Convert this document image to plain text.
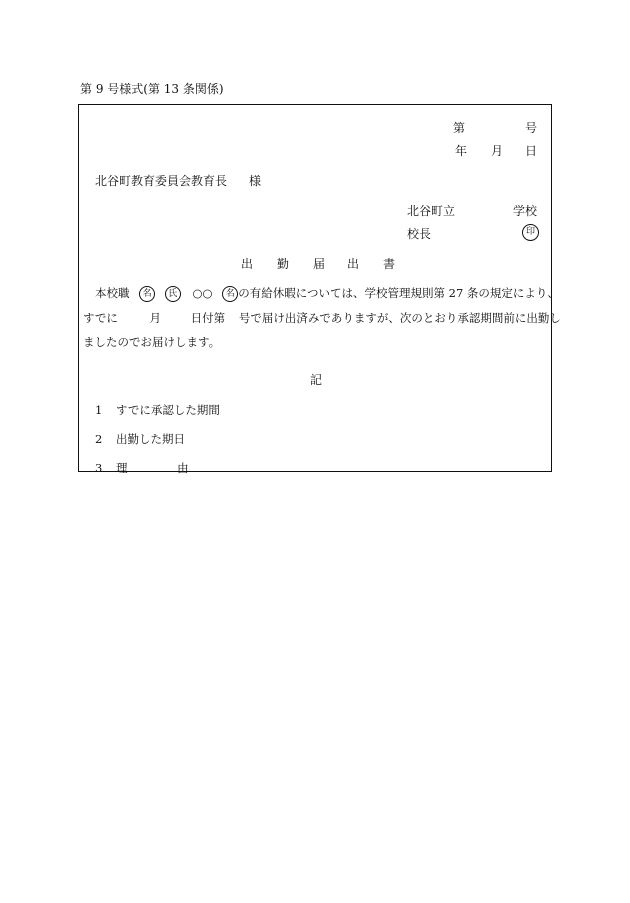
第 9 号様式(第 13 条関係)
第	号
年 月 日
北谷町教育委員会教育長 様
北谷町立	学校
校長	印
出 勤 届 出 書
本校職 名 氏 ○○ 名 の有給休暇については、学校管理規則第 27 条の規定により、
すでに	月	日付第 号で届け出済みでありますが、次のとおり承認期間前に出勤し
ましたのでお届けします。
記
1 すでに承認した期間
2 出勤した期日
3 理	由
